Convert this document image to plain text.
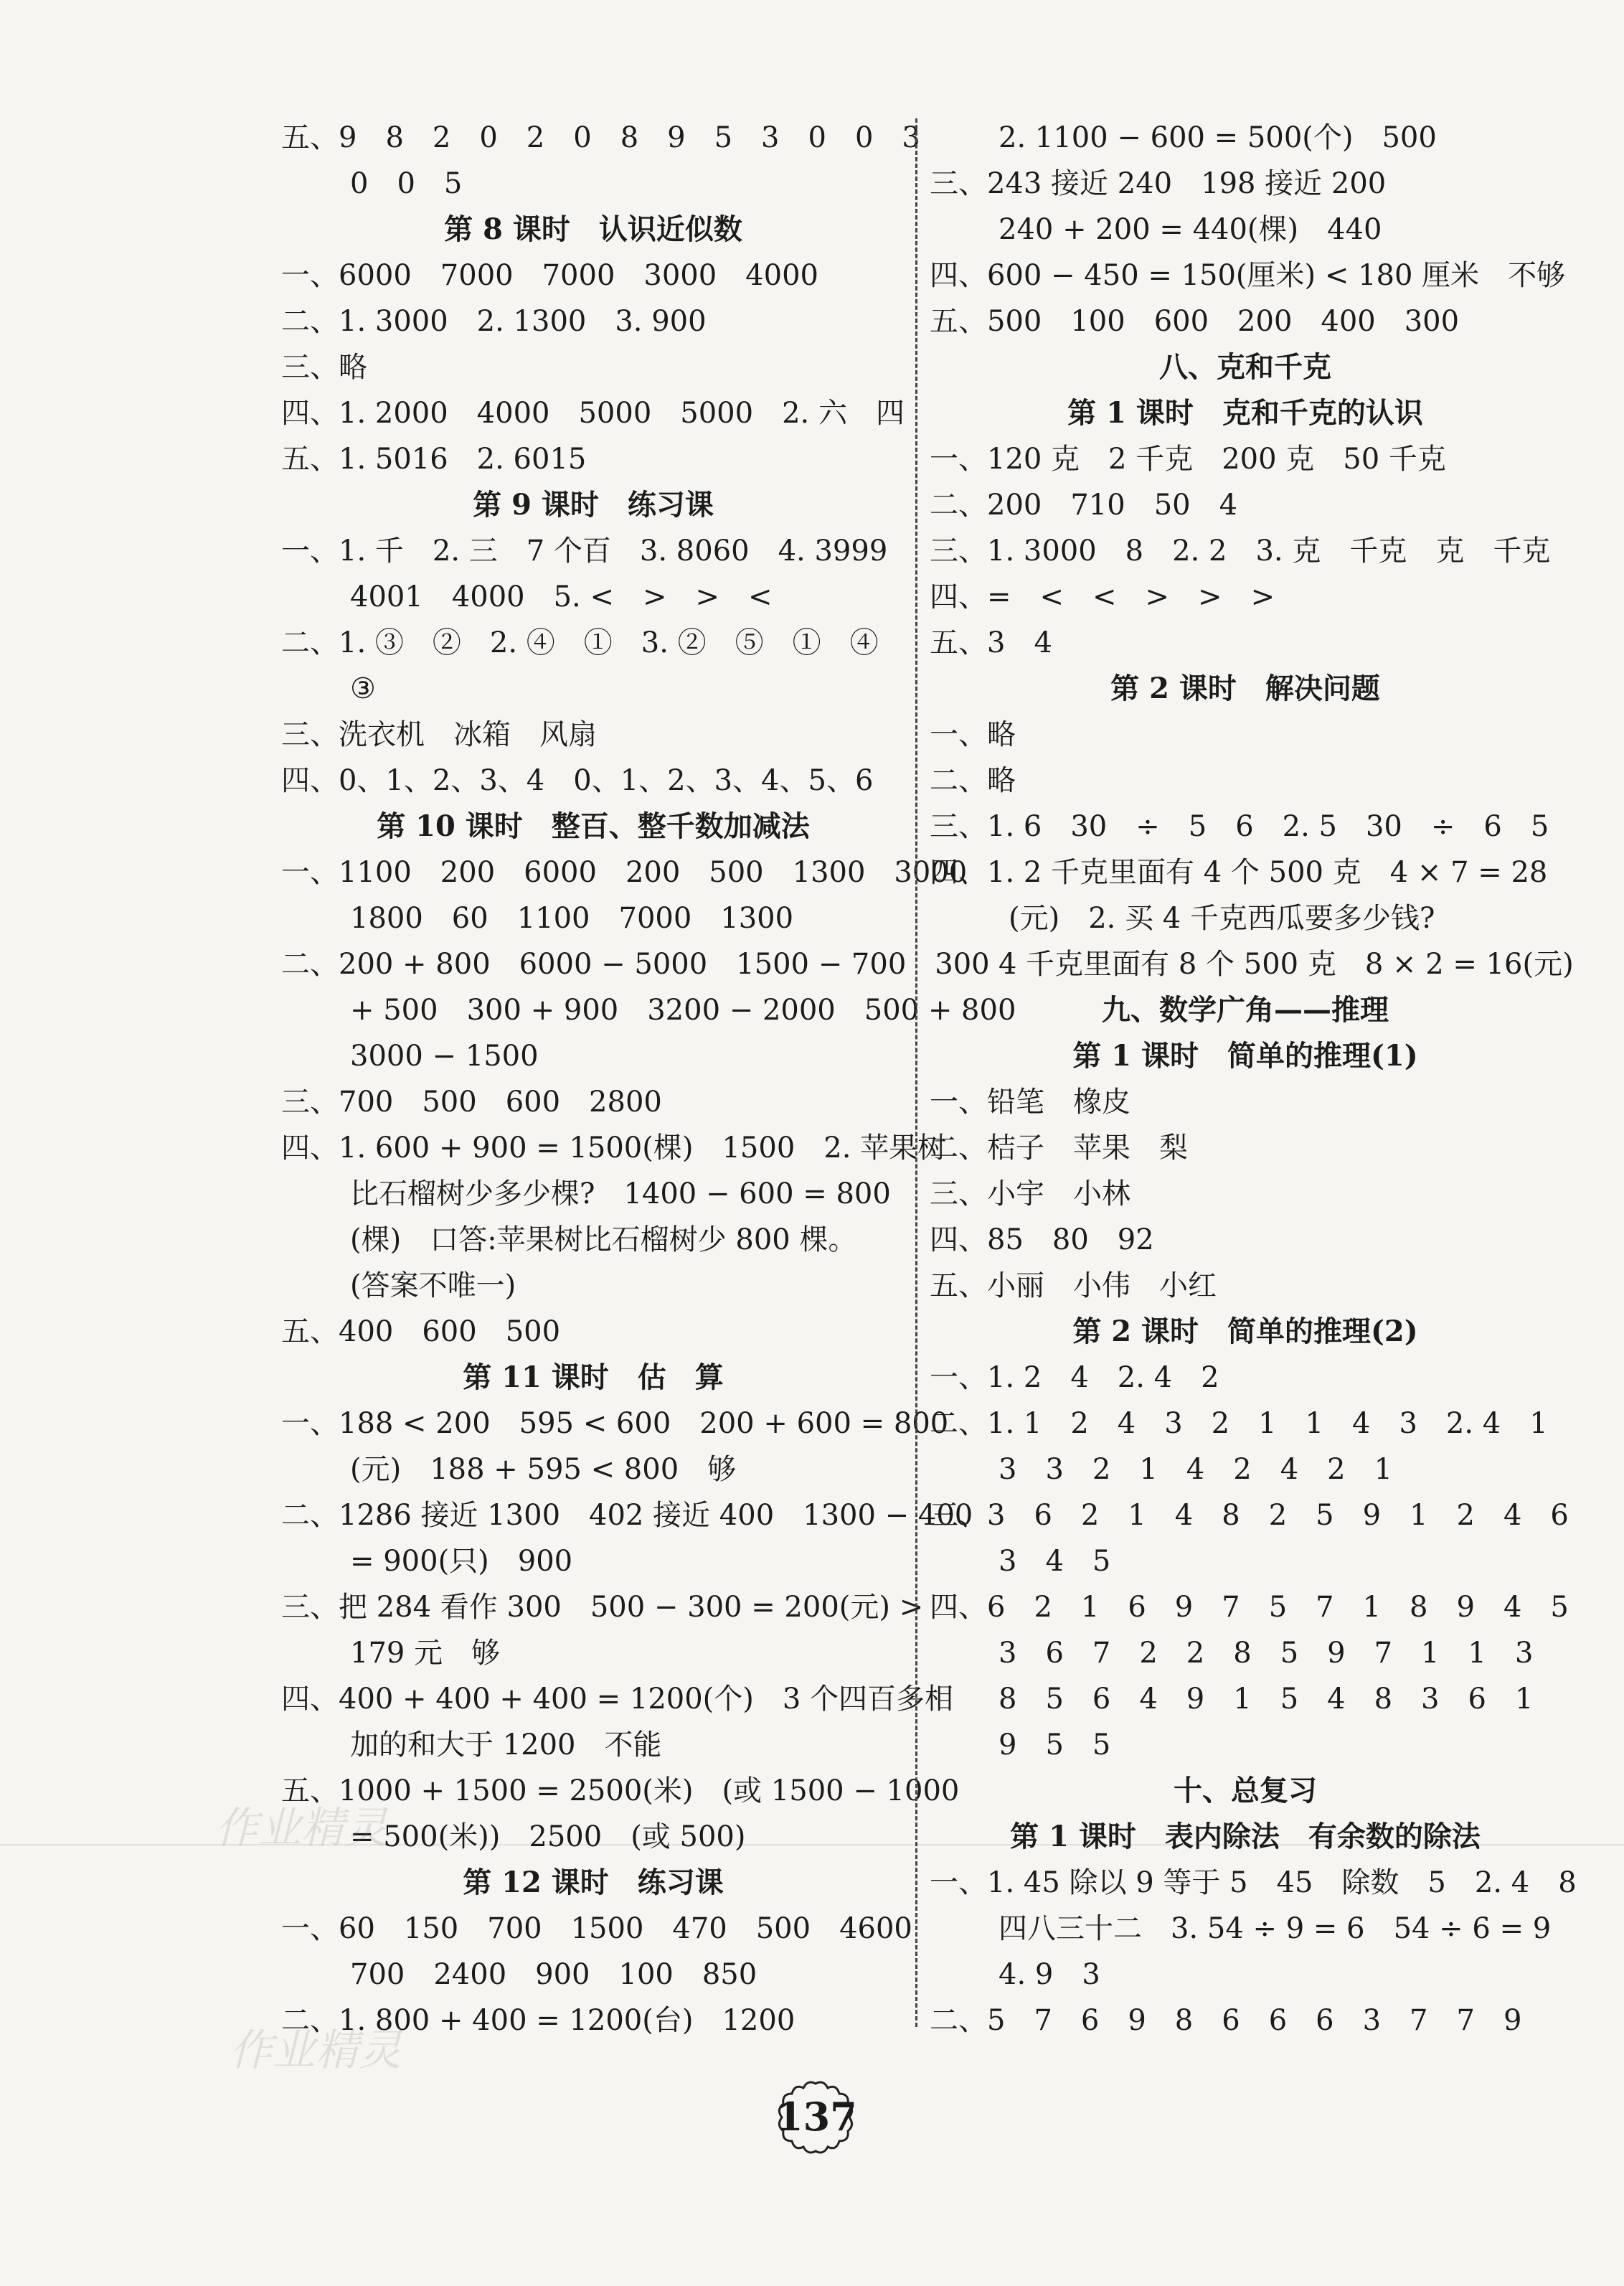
五、9　8　2　0　2　0　8　9　5　3　0　0　3
0　0　5
第 8 课时　认识近似数
一、6000　7000　7000　3000　4000
二、1. 3000　2. 1300　3. 900
三、略
四、1. 2000　4000　5000　5000　2. 六　四
五、1. 5016　2. 6015
第 9 课时　练习课
一、1. 千　2. 三　7 个百　3. 8060　4. 3999
4001　4000　5. <　>　>　<
二、1. ③　②　2. ④　①　3. ②　⑤　①　④
③
三、洗衣机　冰箱　风扇
四、0、1、2、3、4　0、1、2、3、4、5、6
第 10 课时　整百、整千数加减法
一、1100　200　6000　200　500　1300　3000
1800　60　1100　7000　1300
二、200 + 800　6000 − 5000　1500 − 700　300
+ 500　300 + 900　3200 − 2000　500 + 800
3000 − 1500
三、700　500　600　2800
四、1. 600 + 900 = 1500(棵)　1500　2. 苹果树
比石榴树少多少棵?　1400 − 600 = 800
(棵)　口答:苹果树比石榴树少 800 棵。
(答案不唯一)
五、400　600　500
第 11 课时　估　算
一、188 < 200　595 < 600　200 + 600 = 800
(元)　188 + 595 < 800　够
二、1286 接近 1300　402 接近 400　1300 − 400
= 900(只)　900
三、把 284 看作 300　500 − 300 = 200(元) >
179 元　够
四、400 + 400 + 400 = 1200(个)　3 个四百多相
加的和大于 1200　不能
五、1000 + 1500 = 2500(米)　(或 1500 − 1000
= 500(米))　2500　(或 500)
第 12 课时　练习课
一、60　150　700　1500　470　500　4600
700　2400　900　100　850
二、1. 800 + 400 = 1200(台)　1200
2. 1100 − 600 = 500(个)　500
三、243 接近 240　198 接近 200
240 + 200 = 440(棵)　440
四、600 − 450 = 150(厘米) < 180 厘米　不够
五、500　100　600　200　400　300
八、克和千克
第 1 课时　克和千克的认识
一、120 克　2 千克　200 克　50 千克
二、200　710　50　4
三、1. 3000　8　2. 2　3. 克　千克　克　千克
四、=　<　<　>　>　>
五、3　4
第 2 课时　解决问题
一、略
二、略
三、1. 6　30　÷　5　6　2. 5　30　÷　6　5
四、1. 2 千克里面有 4 个 500 克　4 × 7 = 28
(元)　2. 买 4 千克西瓜要多少钱?
4 千克里面有 8 个 500 克　8 × 2 = 16(元)
九、数学广角——推理
第 1 课时　简单的推理(1)
一、铅笔　橡皮
二、桔子　苹果　梨
三、小宇　小林
四、85　80　92
五、小丽　小伟　小红
第 2 课时　简单的推理(2)
一、1. 2　4　2. 4　2
二、1. 1　2　4　3　2　1　1　4　3　2. 4　1
3　3　2　1　4　2　4　2　1
三、3　6　2　1　4　8　2　5　9　1　2　4　6
3　4　5
四、6　2　1　6　9　7　5　7　1　8　9　4　5
3　6　7　2　2　8　5　9　7　1　1　3
8　5　6　4　9　1　5　4　8　3　6　1
9　5　5
十、总复习
第 1 课时　表内除法　有余数的除法
一、1. 45 除以 9 等于 5　45　除数　5　2. 4　8
四八三十二　3. 54 ÷ 9 = 6　54 ÷ 6 = 9
4. 9　3
二、5　7　6　9　8　6　6　6　3　7　7　9
作业精灵
作业精灵
137
